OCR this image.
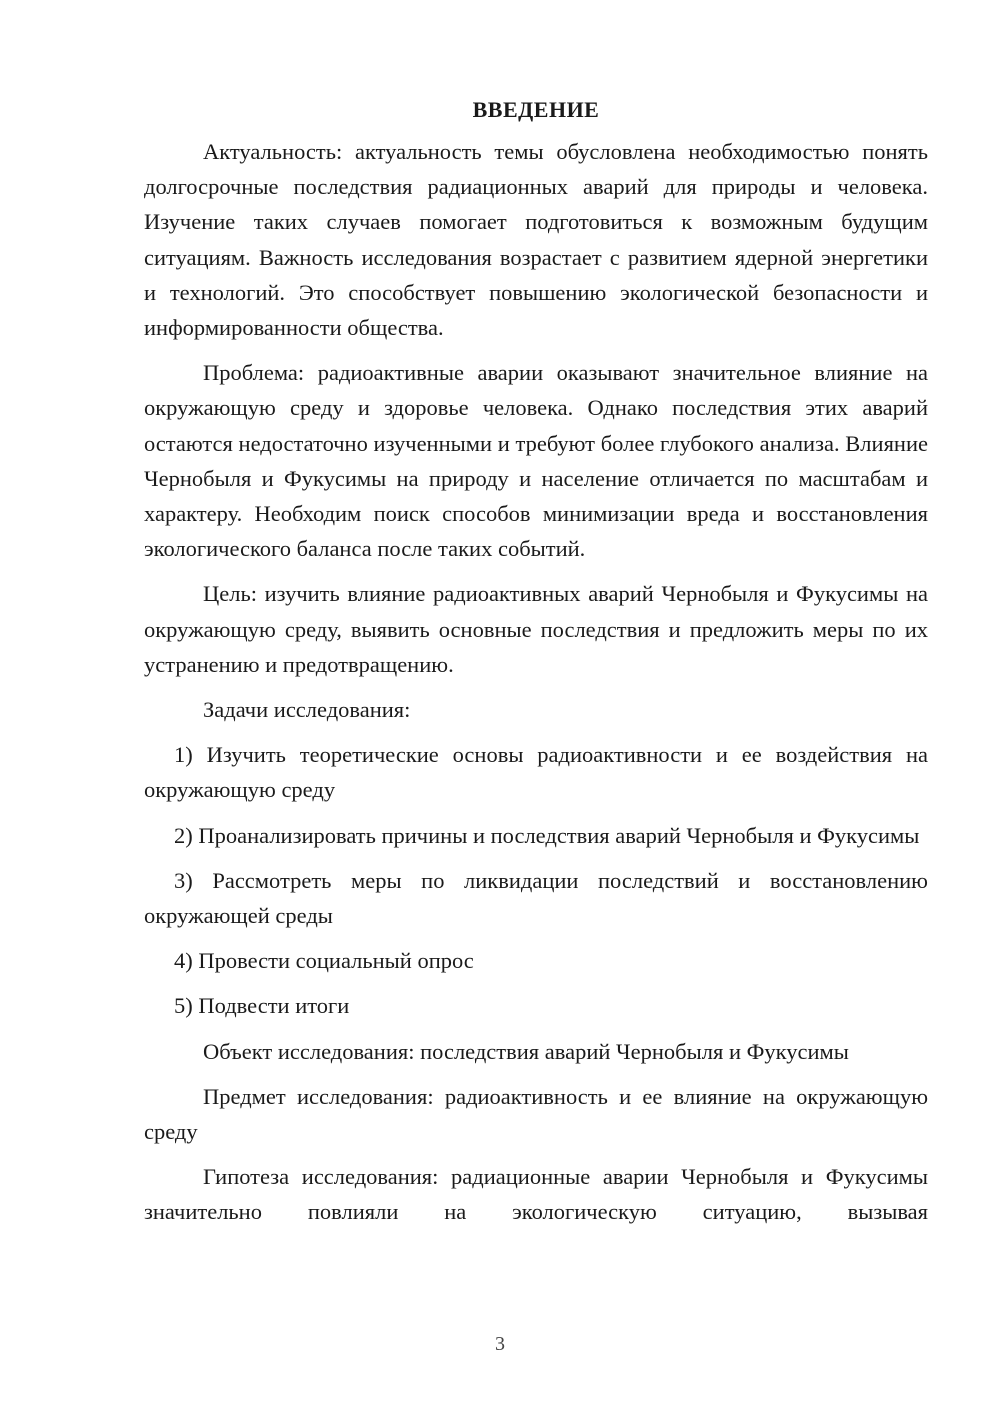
ВВЕДЕНИЕ

Актуальность: актуальность темы обусловлена необходимостью понять долгосрочные последствия радиационных аварий для природы и человека. Изучение таких случаев помогает подготовиться к возможным будущим ситуациям. Важность исследования возрастает с развитием ядерной энергетики и технологий. Это способствует повышению экологической безопасности и информированности общества.

Проблема: радиоактивные аварии оказывают значительное влияние на окружающую среду и здоровье человека. Однако последствия этих аварий остаются недостаточно изученными и требуют более глубокого анализа. Влияние Чернобыля и Фукусимы на природу и население отличается по масштабам и характеру. Необходим поиск способов минимизации вреда и восстановления экологического баланса после таких событий.

Цель: изучить влияние радиоактивных аварий Чернобыля и Фукусимы на окружающую среду, выявить основные последствия и предложить меры по их устранению и предотвращению.

Задачи исследования:

1) Изучить теоретические основы радиоактивности и ее воздействия на окружающую среду

2) Проанализировать причины и последствия аварий Чернобыля и Фукусимы

3) Рассмотреть меры по ликвидации последствий и восстановлению окружающей среды

4) Провести социальный опрос

5) Подвести итоги

Объект исследования: последствия аварий Чернобыля и Фукусимы

Предмет исследования: радиоактивность и ее влияние на окружающую среду

Гипотеза исследования: радиационные аварии Чернобыля и Фукусимы значительно повлияли на экологическую ситуацию, вызывая

3
